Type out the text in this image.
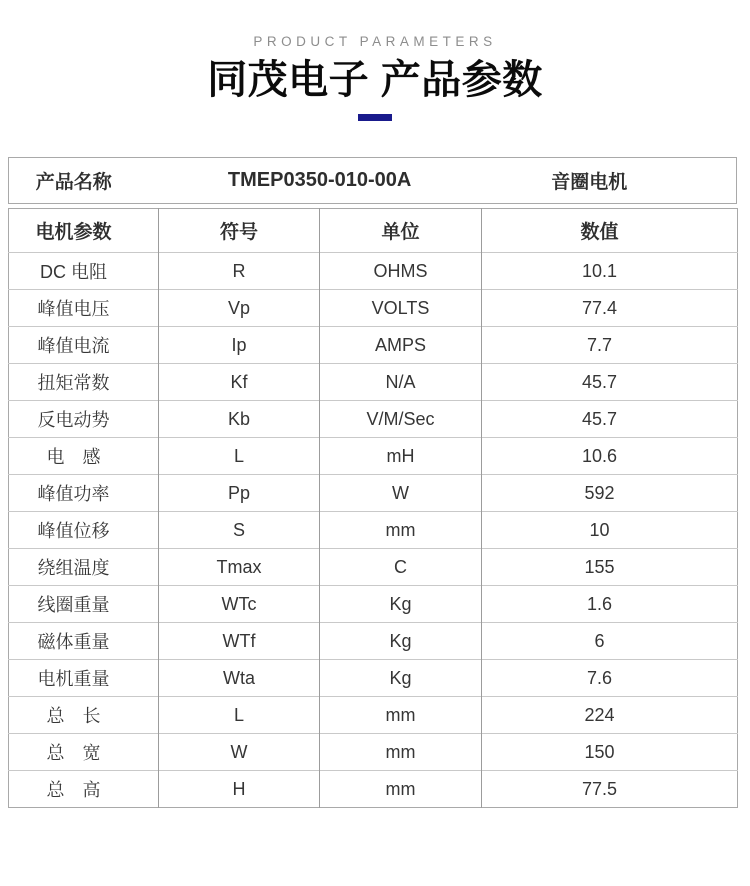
PRODUCT PARAMETERS
同茂电子 产品参数
产品名称	TMEP0350-010-00A	音圈电机
电机参数	符号	单位	数值
DC 电阻	R	OHMS	10.1
峰值电压	Vp	VOLTS	77.4
峰值电流	Ip	AMPS	7.7
扭矩常数	Kf	N/A	45.7
反电动势	Kb	V/M/Sec	45.7
电　感	L	mH	10.6
峰值功率	Pp	W	592
峰值位移	S	mm	10
绕组温度	Tmax	C	155
线圈重量	WTc	Kg	1.6
磁体重量	WTf	Kg	6
电机重量	Wta	Kg	7.6
总　长	L	mm	224
总　宽	W	mm	150
总　高	H	mm	77.5
